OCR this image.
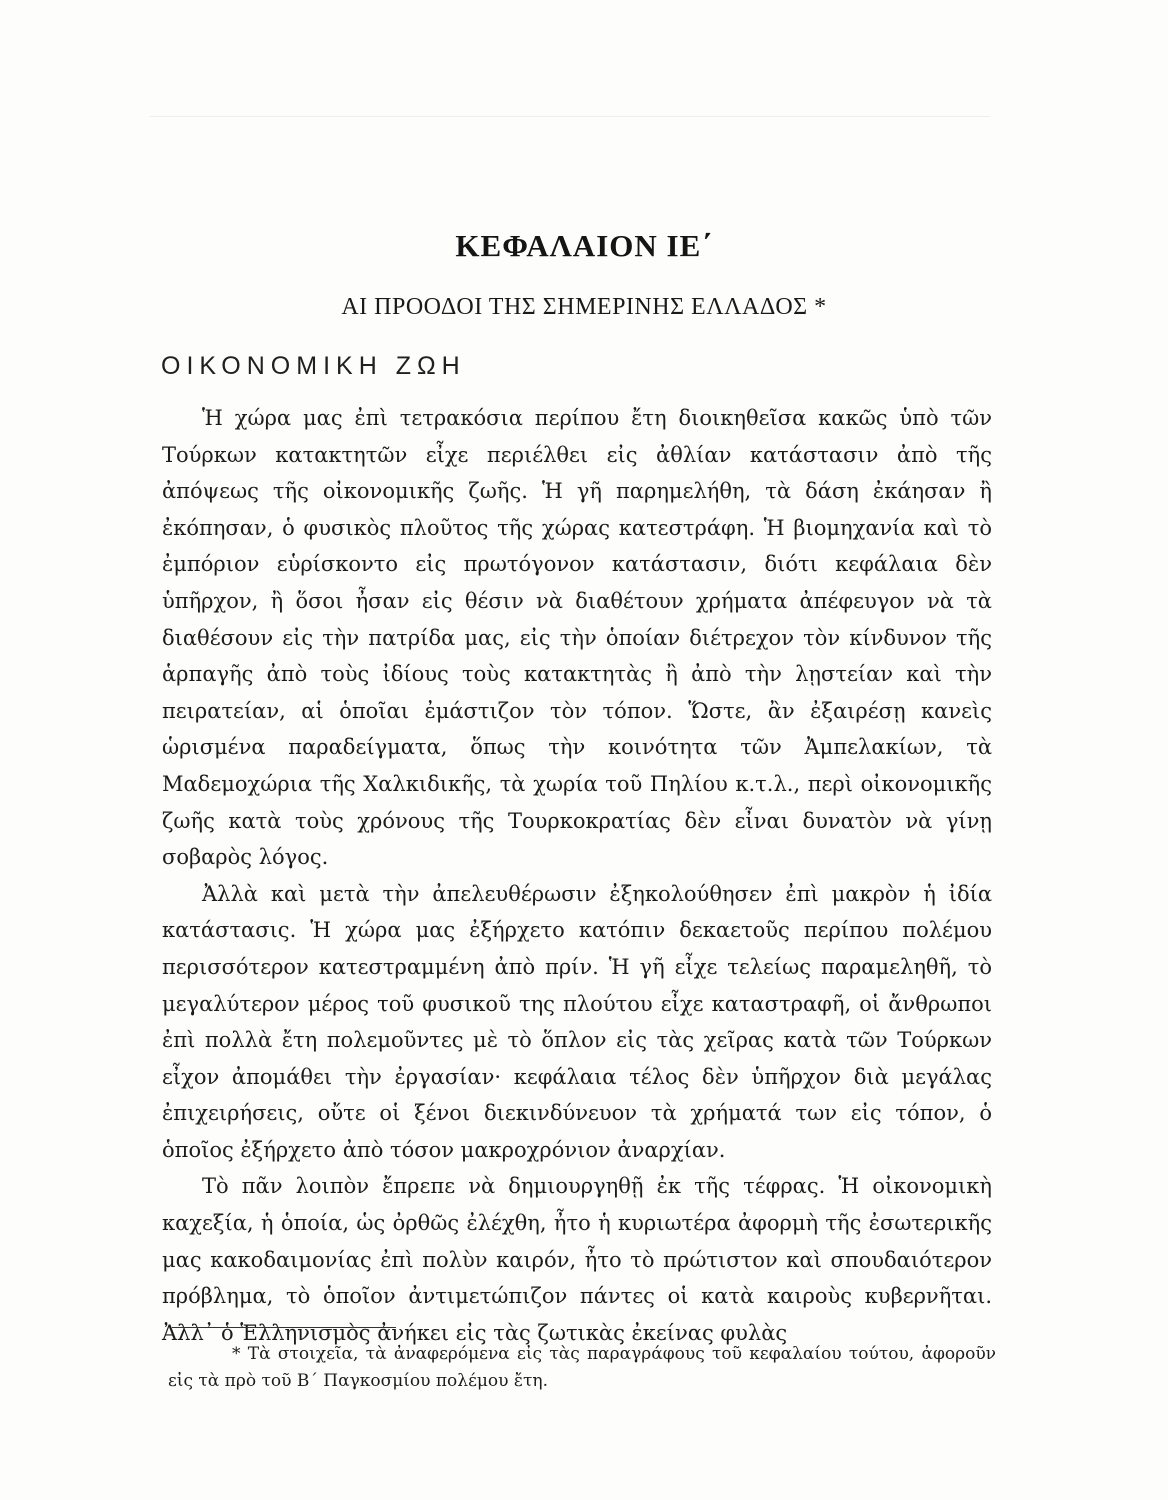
ΚΕΦΑΛΑΙΟΝ ΙΕ΄
ΑΙ ΠΡΟΟΔΟΙ ΤΗΣ ΣΗΜΕΡΙΝΗΣ ΕΛΛΑΔΟΣ *
ΟΙΚΟΝΟΜΙΚΗ ΖΩΗ

Ἡ χώρα μας ἐπὶ τετρακόσια περίπου ἔτη διοικηθεῖσα κακῶς ὑπὸ τῶν Τούρκων κατακτητῶν εἶχε περιέλθει εἰς ἀθλίαν κατάστασιν ἀπὸ τῆς ἀπόψεως τῆς οἰκονομικῆς ζωῆς. Ἡ γῆ παρημελήθη, τὰ δάση ἐκάησαν ἢ ἐκόπησαν, ὁ φυσικὸς πλοῦτος τῆς χώρας κατεστράφη. Ἡ βιομηχανία καὶ τὸ ἐμπόριον εὑρίσκοντο εἰς πρωτόγονον κατάστασιν, διότι κεφάλαια δὲν ὑπῆρχον, ἢ ὅσοι ἦσαν εἰς θέσιν νὰ διαθέτουν χρήματα ἀπέφευγον νὰ τὰ διαθέσουν εἰς τὴν πατρίδα μας, εἰς τὴν ὁποίαν διέτρεχον τὸν κίνδυνον τῆς ἁρπαγῆς ἀπὸ τοὺς ἰδίους τοὺς κατακτητὰς ἢ ἀπὸ τὴν λῃστείαν καὶ τὴν πειρατείαν, αἱ ὁποῖαι ἐμάστιζον τὸν τόπον. Ὥστε, ἂν ἐξαιρέσῃ κανεὶς ὡρισμένα παραδείγματα, ὅπως τὴν κοινότητα τῶν Ἀμπελακίων, τὰ Μαδεμοχώρια τῆς Χαλκιδικῆς, τὰ χωρία τοῦ Πηλίου κ.τ.λ., περὶ οἰκονομικῆς ζωῆς κατὰ τοὺς χρόνους τῆς Τουρκοκρατίας δὲν εἶναι δυνατὸν νὰ γίνῃ σοβαρὸς λόγος.

Ἀλλὰ καὶ μετὰ τὴν ἀπελευθέρωσιν ἐξηκολούθησεν ἐπὶ μακρὸν ἡ ἰδία κατάστασις. Ἡ χώρα μας ἐξήρχετο κατόπιν δεκαετοῦς περίπου πολέμου περισσότερον κατεστραμμένη ἀπὸ πρίν. Ἡ γῆ εἶχε τελείως παραμεληθῆ, τὸ μεγαλύτερον μέρος τοῦ φυσικοῦ της πλούτου εἶχε καταστραφῆ, οἱ ἄνθρωποι ἐπὶ πολλὰ ἔτη πολεμοῦντες μὲ τὸ ὅπλον εἰς τὰς χεῖρας κατὰ τῶν Τούρκων εἶχον ἀπομάθει τὴν ἐργασίαν· κεφάλαια τέλος δὲν ὑπῆρχον διὰ μεγάλας ἐπιχειρήσεις, οὔτε οἱ ξένοι διεκινδύνευον τὰ χρήματά των εἰς τόπον, ὁ ὁποῖος ἐξήρχετο ἀπὸ τόσον μακροχρόνιον ἀναρχίαν.

Τὸ πᾶν λοιπὸν ἔπρεπε νὰ δημιουργηθῇ ἐκ τῆς τέφρας. Ἡ οἰκονομικὴ καχεξία, ἡ ὁποία, ὡς ὀρθῶς ἐλέχθη, ἦτο ἡ κυριωτέρα ἀφορμὴ τῆς ἐσωτερικῆς μας κακοδαιμονίας ἐπὶ πολὺν καιρόν, ἦτο τὸ πρώτιστον καὶ σπουδαιότερον πρόβλημα, τὸ ὁποῖον ἀντιμετώπιζον πάντες οἱ κατὰ καιροὺς κυβερνῆται. Ἀλλ᾽ ὁ Ἑλληνισμὸς ἀνήκει εἰς τὰς ζωτικὰς ἐκείνας φυλὰς

* Τὰ στοιχεῖα, τὰ ἀναφερόμενα εἰς τὰς παραγράφους τοῦ κεφαλαίου τούτου, ἀφοροῦν εἰς τὰ πρὸ τοῦ Β΄ Παγκοσμίου πολέμου ἔτη.
